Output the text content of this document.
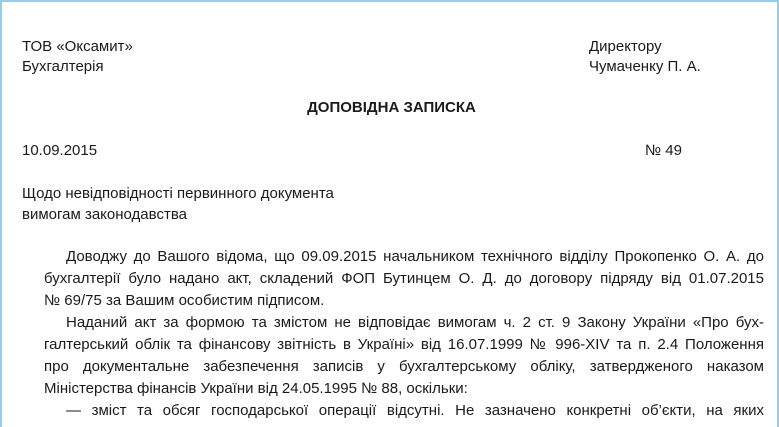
ТОВ «Оксамит»
Бухгалтерія
Директору
Чумаченку П. А.
ДОПОВІДНА ЗАПИСКА
10.09.2015	№ 49
Щодо невідповідності первинного документа
вимогам законодавства
Доводжу до Вашого відома, що 09.09.2015 начальником технічного відділу Прокопенко О. А. до
бухгалтерії було надано акт, складений ФОП Бутинцем О. Д. до договору підряду від 01.07.2015
№ 69/75 за Вашим особистим підписом.
Наданий акт за формою та змістом не відповідає вимогам ч. 2 ст. 9 Закону України «Про бух-
галтерський облік та фінансову звітність в Україні» від 16.07.1999 № 996-XIV та п. 2.4 Положення
про документальне забезпечення записів у бухгалтерському обліку, затвердженого наказом
Міністерства фінансів України від 24.05.1995 № 88, оскільки:
— зміст та обсяг господарської операції відсутні. Не зазначено конкретні об’єкти, на яких
